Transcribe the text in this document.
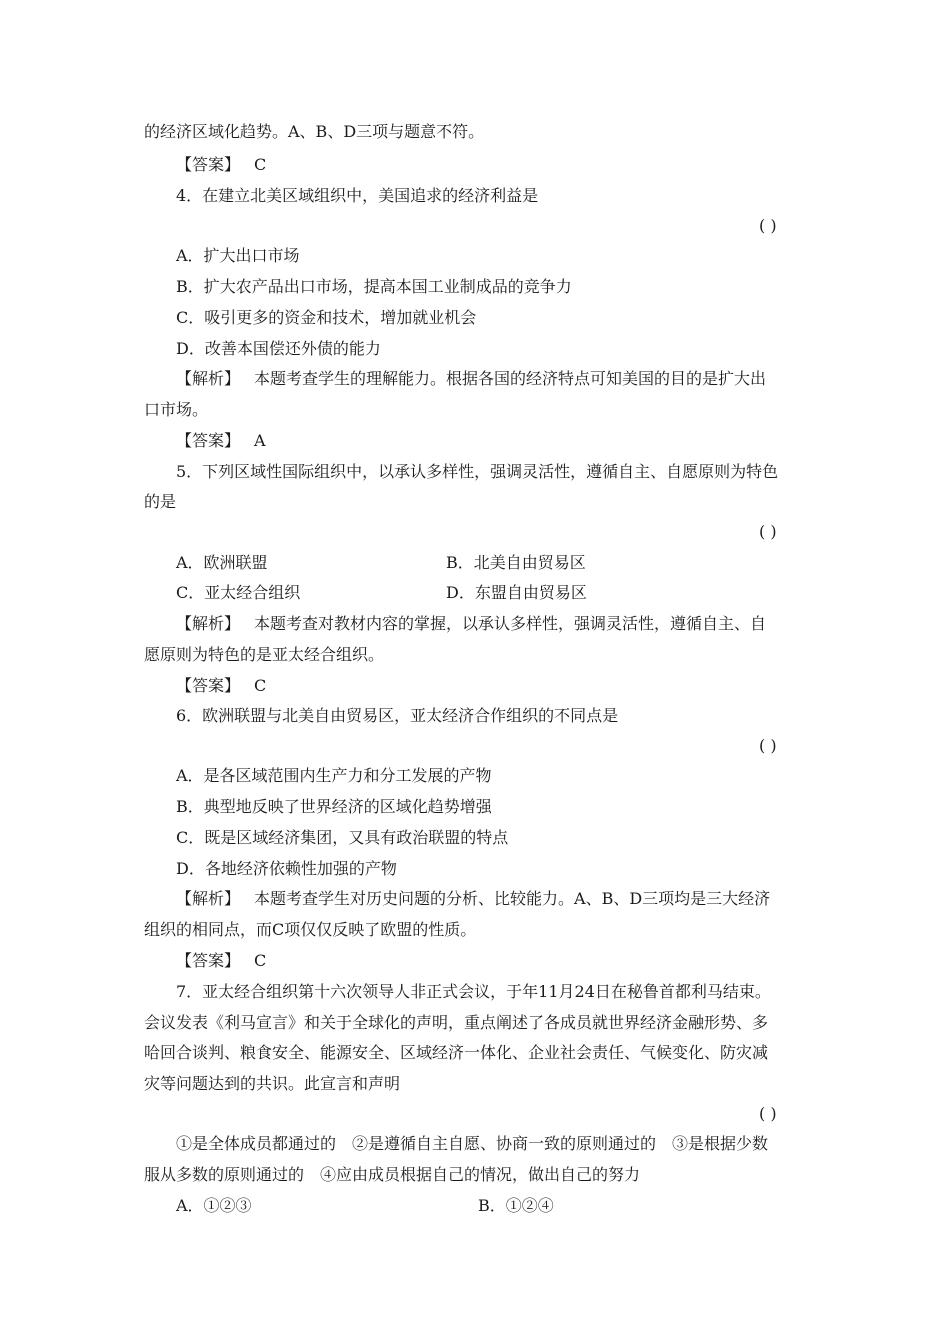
的经济区域化趋势。A、B、D三项与题意不符。
【答案】 C
4．在建立北美区域组织中，美国追求的经济利益是
( )
A．扩大出口市场
B．扩大农产品出口市场，提高本国工业制成品的竞争力
C．吸引更多的资金和技术，增加就业机会
D．改善本国偿还外债的能力
【解析】 本题考查学生的理解能力。根据各国的经济特点可知美国的目的是扩大出
口市场。
【答案】 A
5．下列区域性国际组织中，以承认多样性，强调灵活性，遵循自主、自愿原则为特色
的是
( )
A．欧洲联盟	B．北美自由贸易区
C．亚太经合组织	D．东盟自由贸易区
【解析】 本题考查对教材内容的掌握，以承认多样性，强调灵活性，遵循自主、自
愿原则为特色的是亚太经合组织。
【答案】 C
6．欧洲联盟与北美自由贸易区，亚太经济合作组织的不同点是
( )
A．是各区域范围内生产力和分工发展的产物
B．典型地反映了世界经济的区域化趋势增强
C．既是区域经济集团，又具有政治联盟的特点
D．各地经济依赖性加强的产物
【解析】 本题考查学生对历史问题的分析、比较能力。A、B、D三项均是三大经济
组织的相同点，而C项仅仅反映了欧盟的性质。
【答案】 C
7．亚太经合组织第十六次领导人非正式会议，于年11月24日在秘鲁首都利马结束。
会议发表《利马宣言》和关于全球化的声明，重点阐述了各成员就世界经济金融形势、多
哈回合谈判、粮食安全、能源安全、区域经济一体化、企业社会责任、气候变化、防灾减
灾等问题达到的共识。此宣言和声明
( )
①是全体成员都通过的　②是遵循自主自愿、协商一致的原则通过的　③是根据少数
服从多数的原则通过的　④应由成员根据自己的情况，做出自己的努力
A．①②③	B．①②④
